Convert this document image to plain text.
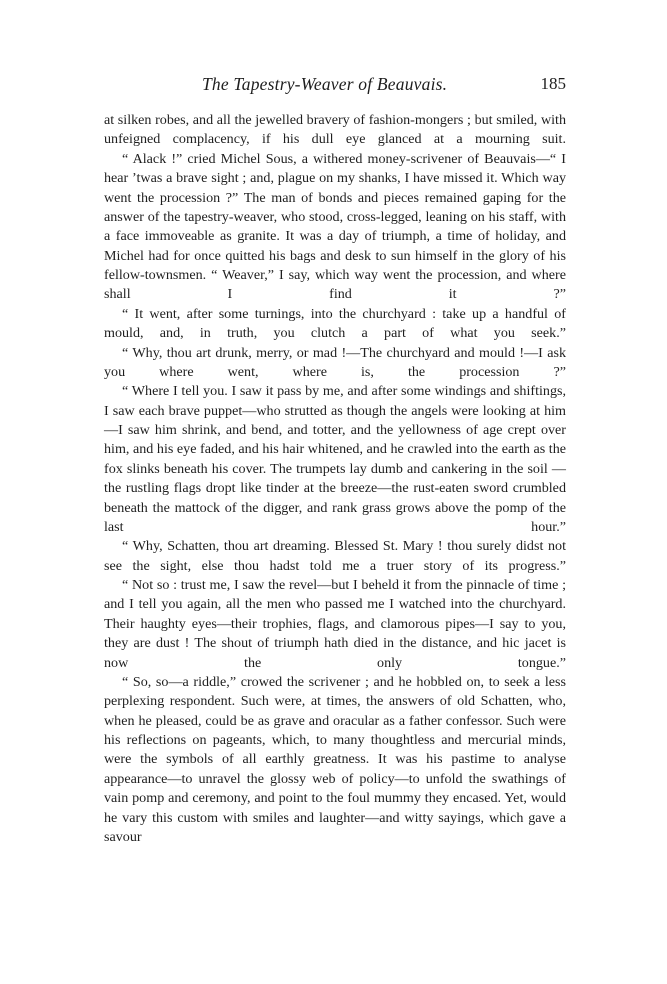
The Tapestry-Weaver of Beauvais.	185

at silken robes, and all the jewelled bravery of fashion-mongers ; but smiled, with unfeigned complacency, if his dull eye glanced at a mourning suit.

“ Alack !” cried Michel Sous, a withered money-scrivener of Beauvais—“ I hear ’twas a brave sight ; and, plague on my shanks, I have missed it. Which way went the procession ?” The man of bonds and pieces remained gaping for the answer of the tapestry-weaver, who stood, cross-legged, leaning on his staff, with a face immoveable as granite. It was a day of triumph, a time of holiday, and Michel had for once quitted his bags and desk to sun himself in the glory of his fellow-townsmen. “ Weaver,” I say, which way went the procession, and where shall I find it ?”

“ It went, after some turnings, into the churchyard : take up a handful of mould, and, in truth, you clutch a part of what you seek.”

“ Why, thou art drunk, merry, or mad !—The churchyard and mould !—I ask you where went, where is, the procession ?”

“ Where I tell you. I saw it pass by me, and after some windings and shiftings, I saw each brave puppet—who strutted as though the angels were looking at him—I saw him shrink, and bend, and totter, and the yellowness of age crept over him, and his eye faded, and his hair whitened, and he crawled into the earth as the fox slinks beneath his cover. The trumpets lay dumb and cankering in the soil —the rustling flags dropt like tinder at the breeze—the rust-eaten sword crumbled beneath the mattock of the digger, and rank grass grows above the pomp of the last hour.”

“ Why, Schatten, thou art dreaming. Blessed St. Mary ! thou surely didst not see the sight, else thou hadst told me a truer story of its progress.”

“ Not so : trust me, I saw the revel—but I beheld it from the pinnacle of time ; and I tell you again, all the men who passed me I watched into the churchyard. Their haughty eyes—their trophies, flags, and clamorous pipes—I say to you, they are dust ! The shout of triumph hath died in the distance, and hic jacet is now the only tongue.”

“ So, so—a riddle,” crowed the scrivener ; and he hobbled on, to seek a less perplexing respondent. Such were, at times, the answers of old Schatten, who, when he pleased, could be as grave and oracular as a father confessor. Such were his reflections on pageants, which, to many thoughtless and mercurial minds, were the symbols of all earthly greatness. It was his pastime to analyse appearance—to unravel the glossy web of policy—to unfold the swathings of vain pomp and ceremony, and point to the foul mummy they encased. Yet, would he vary this custom with smiles and laughter—and witty sayings, which gave a savour
